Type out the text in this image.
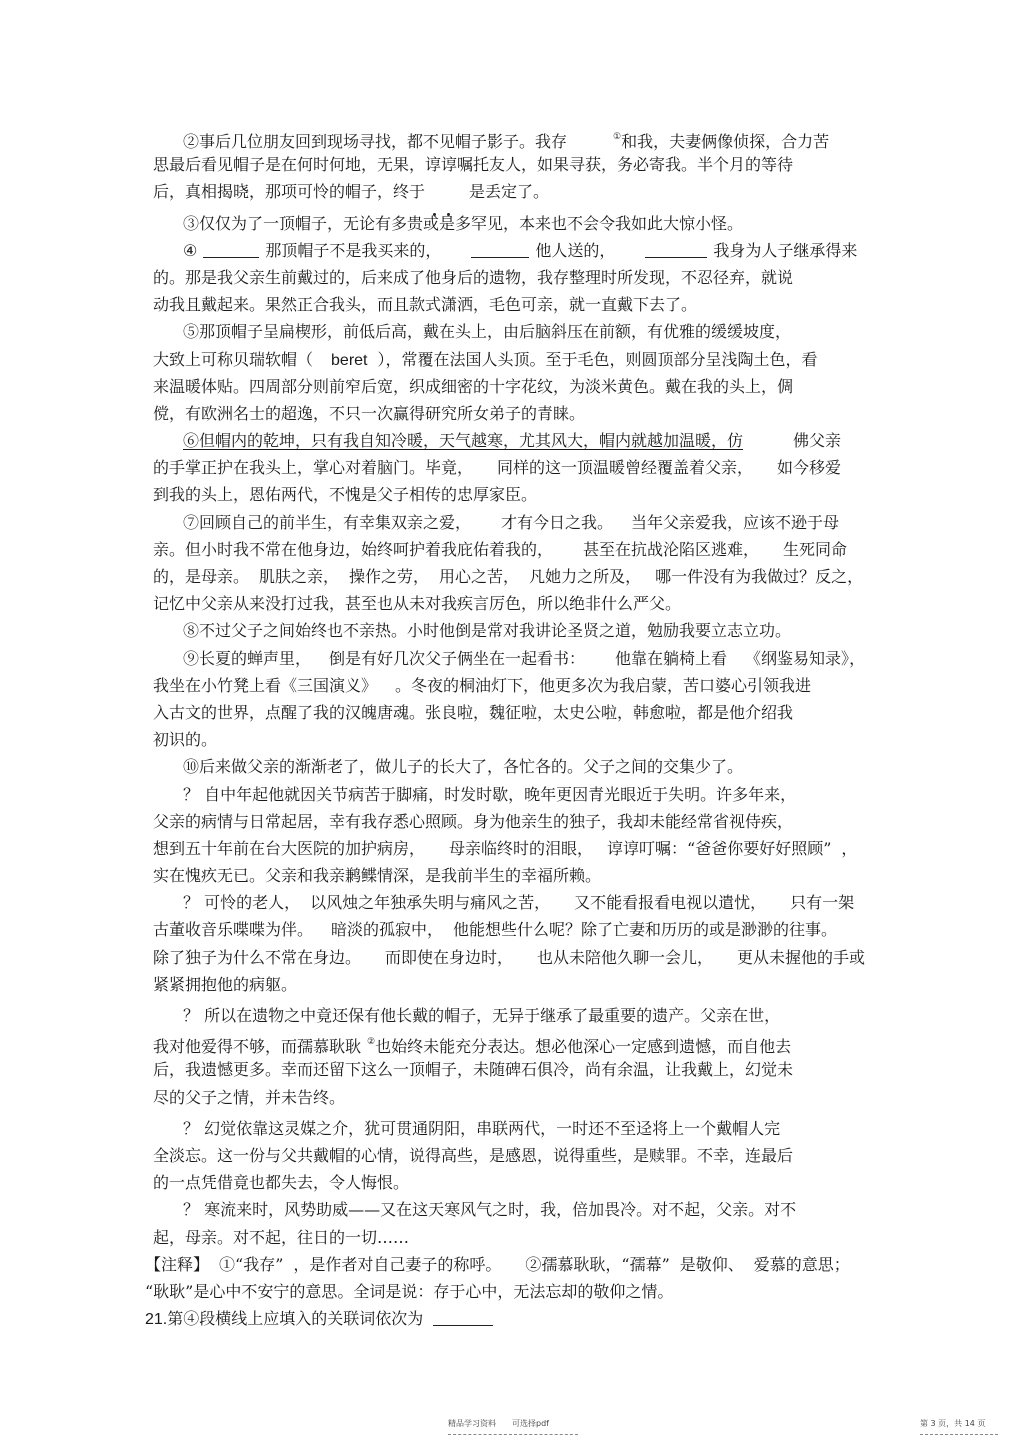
②事后几位朋友回到现场寻找，都不见帽子影子。我存	①和我，夫妻俩像侦探，合力苦
思最后看见帽子是在何时何地，无果，谆谆嘱托友人，如果寻获，务必寄我。半个月的等待
后，真相揭晓，那项可怜的帽子，终于	是丢定了。
③仅仅为了一顶帽子，无论有多贵或是多罕见，本来也不会令我如此大惊小怪。
④	那顶帽子不是我买来的，	他人送的，	我身为人子继承得来
的。那是我父亲生前戴过的，后来成了他身后的遗物，我存整理时所发现，不忍径弃，就说
动我且戴起来。果然正合我头，而且款式潇洒，毛色可亲，就一直戴下去了。
⑤那顶帽子呈扁楔形，前低后高，戴在头上，由后脑斜压在前额，有优雅的缓缓坡度，
大致上可称贝瑞软帽（ beret ），常覆在法国人头顶。至于毛色，则圆顶部分呈浅陶土色，看
来温暖体贴。四周部分则前窄后宽，织成细密的十字花纹，为淡米黄色。戴在我的头上，倜
傥，有欧洲名士的超逸，不只一次赢得研究所女弟子的青睐。
⑥但帽内的乾坤，只有我自知冷暖，天气越寒，尤其风大，帽内就越加温暖，仿	佛父亲
的手掌正护在我头上，掌心对着脑门。毕竟， 同样的这一顶温暖曾经覆盖着父亲， 如今移爱
到我的头上，恩佑两代，不愧是父子相传的忠厚家臣。
⑦回顾自己的前半生，有幸集双亲之爱， 才有今日之我。 当年父亲爱我，应该不逊于母
亲。但小时我不常在他身边，始终呵护着我庇佑着我的， 甚至在抗战沦陷区逃难， 生死同命
的，是母亲。 肌肤之亲， 操作之劳， 用心之苦， 凡她力之所及， 哪一件没有为我做过？反之，
记忆中父亲从来没打过我，甚至也从未对我疾言厉色，所以绝非什么严父。
⑧不过父子之间始终也不亲热。小时他倒是常对我讲论圣贤之道，勉励我要立志立功。
⑨长夏的蝉声里， 倒是有好几次父子俩坐在一起看书： 他靠在躺椅上看 《纲鉴易知录》，
我坐在小竹凳上看《三国演义》 。冬夜的桐油灯下，他更多次为我启蒙，苦口婆心引领我进
入古文的世界，点醒了我的汉魄唐魂。张良啦，魏征啦，太史公啦，韩愈啦，都是他介绍我
初识的。
⑩后来做父亲的渐渐老了，做儿子的长大了，各忙各的。父子之间的交集少了。
？ 自中年起他就因关节病苦于脚痛，时发时歇，晚年更因青光眼近于失明。许多年来，
父亲的病情与日常起居，幸有我存悉心照顾。身为他亲生的独子，我却未能经常省视侍疾，
想到五十年前在台大医院的加护病房， 母亲临终时的泪眼， 谆谆叮嘱：“爸爸你要好好照顾” ，
实在愧疚无已。父亲和我亲鹣鲽情深，是我前半生的幸福所赖。
？ 可怜的老人， 以风烛之年独承失明与痛风之苦， 又不能看报看电视以遣忧， 只有一架
古董收音乐喋喋为伴。 暗淡的孤寂中， 他能想些什么呢？除了亡妻和历历的或是渺渺的往事。
除了独子为什么不常在身边。 而即使在身边时， 也从未陪他久聊一会儿， 更从未握他的手或
紧紧拥抱他的病躯。
？ 所以在遗物之中竟还保有他长戴的帽子，无异于继承了最重要的遗产。父亲在世，
我对他爱得不够，而孺慕耿耿 ②也始终未能充分表达。想必他深心一定感到遗憾，而自他去
后，我遗憾更多。幸而还留下这么一顶帽子，未随碑石俱冷，尚有余温，让我戴上，幻觉未
尽的父子之情，并未告终。
？ 幻觉依靠这灵媒之介，犹可贯通阴阳，串联两代，一时还不至迳将上一个戴帽人完
全淡忘。这一份与父共戴帽的心情，说得高些，是感恩，说得重些，是赎罪。不幸，连最后
的一点凭借竟也都失去，令人悔恨。
？ 寒流来时，风势助威——又在这天寒风气之时，我，倍加畏冷。对不起，父亲。对不
起，母亲。对不起，往日的一切……
【注释】 ①“我存” ，是作者对自己妻子的称呼。 ②孺慕耿耿，“孺幕” 是敬仰、 爱慕的意思；
“耿耿”是心中不安宁的意思。全词是说：存于心中，无法忘却的敬仰之情。
21.第④段横线上应填入的关联词依次为
精品学习资料 可选择pdf	第 3 页，共 14 页
